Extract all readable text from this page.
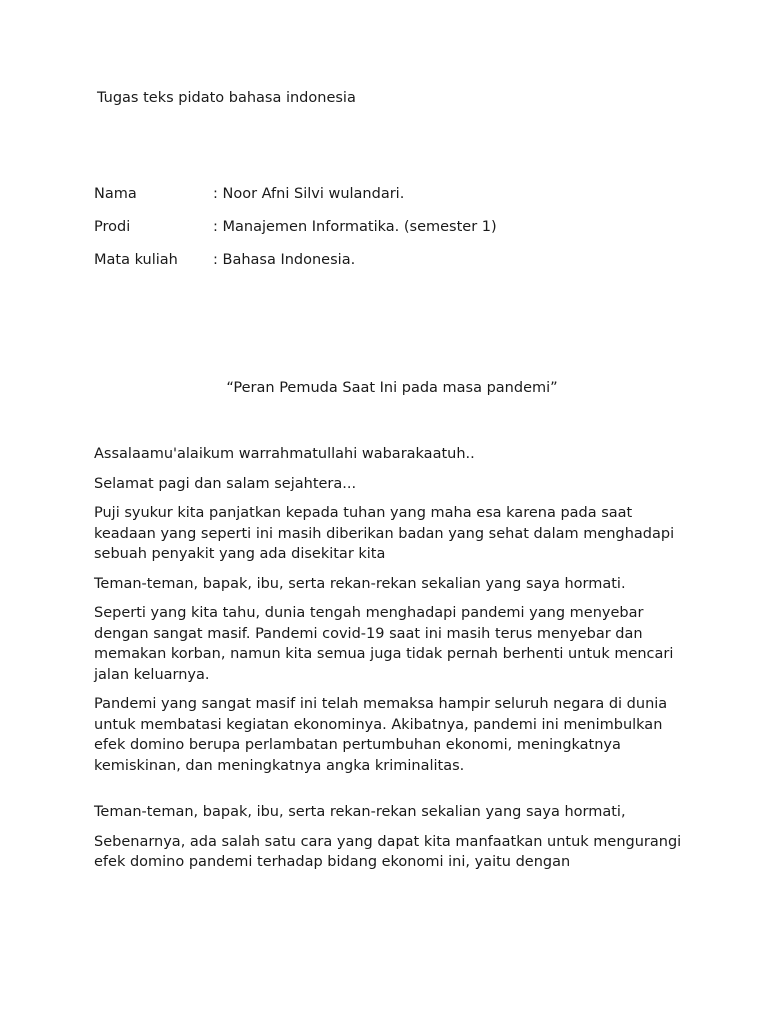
Tugas teks pidato bahasa indonesia

Nama	: Noor Afni Silvi wulandari.
Prodi	: Manajemen Informatika. (semester 1)
Mata kuliah : Bahasa Indonesia.
“Peran Pemuda Saat Ini pada masa pandemi”

Assalaamu'alaikum warrahmatullahi wabarakaatuh..

Selamat pagi dan salam sejahtera...

Puji syukur kita panjatkan kepada tuhan yang maha esa karena pada saat keadaan yang seperti ini masih diberikan badan yang sehat dalam menghadapi sebuah penyakit yang ada disekitar kita

Teman-teman, bapak, ibu, serta rekan-rekan sekalian yang saya hormati.

Seperti yang kita tahu, dunia tengah menghadapi pandemi yang menyebar dengan sangat masif. Pandemi covid-19 saat ini masih terus menyebar dan memakan korban, namun kita semua juga tidak pernah berhenti untuk mencari jalan keluarnya.

Pandemi yang sangat masif ini telah memaksa hampir seluruh negara di dunia untuk membatasi kegiatan ekonominya. Akibatnya, pandemi ini menimbulkan efek domino berupa perlambatan pertumbuhan ekonomi, meningkatnya kemiskinan, dan meningkatnya angka kriminalitas.

Teman-teman, bapak, ibu, serta rekan-rekan sekalian yang saya hormati,

Sebenarnya, ada salah satu cara yang dapat kita manfaatkan untuk mengurangi efek domino pandemi terhadap bidang ekonomi ini, yaitu dengan
